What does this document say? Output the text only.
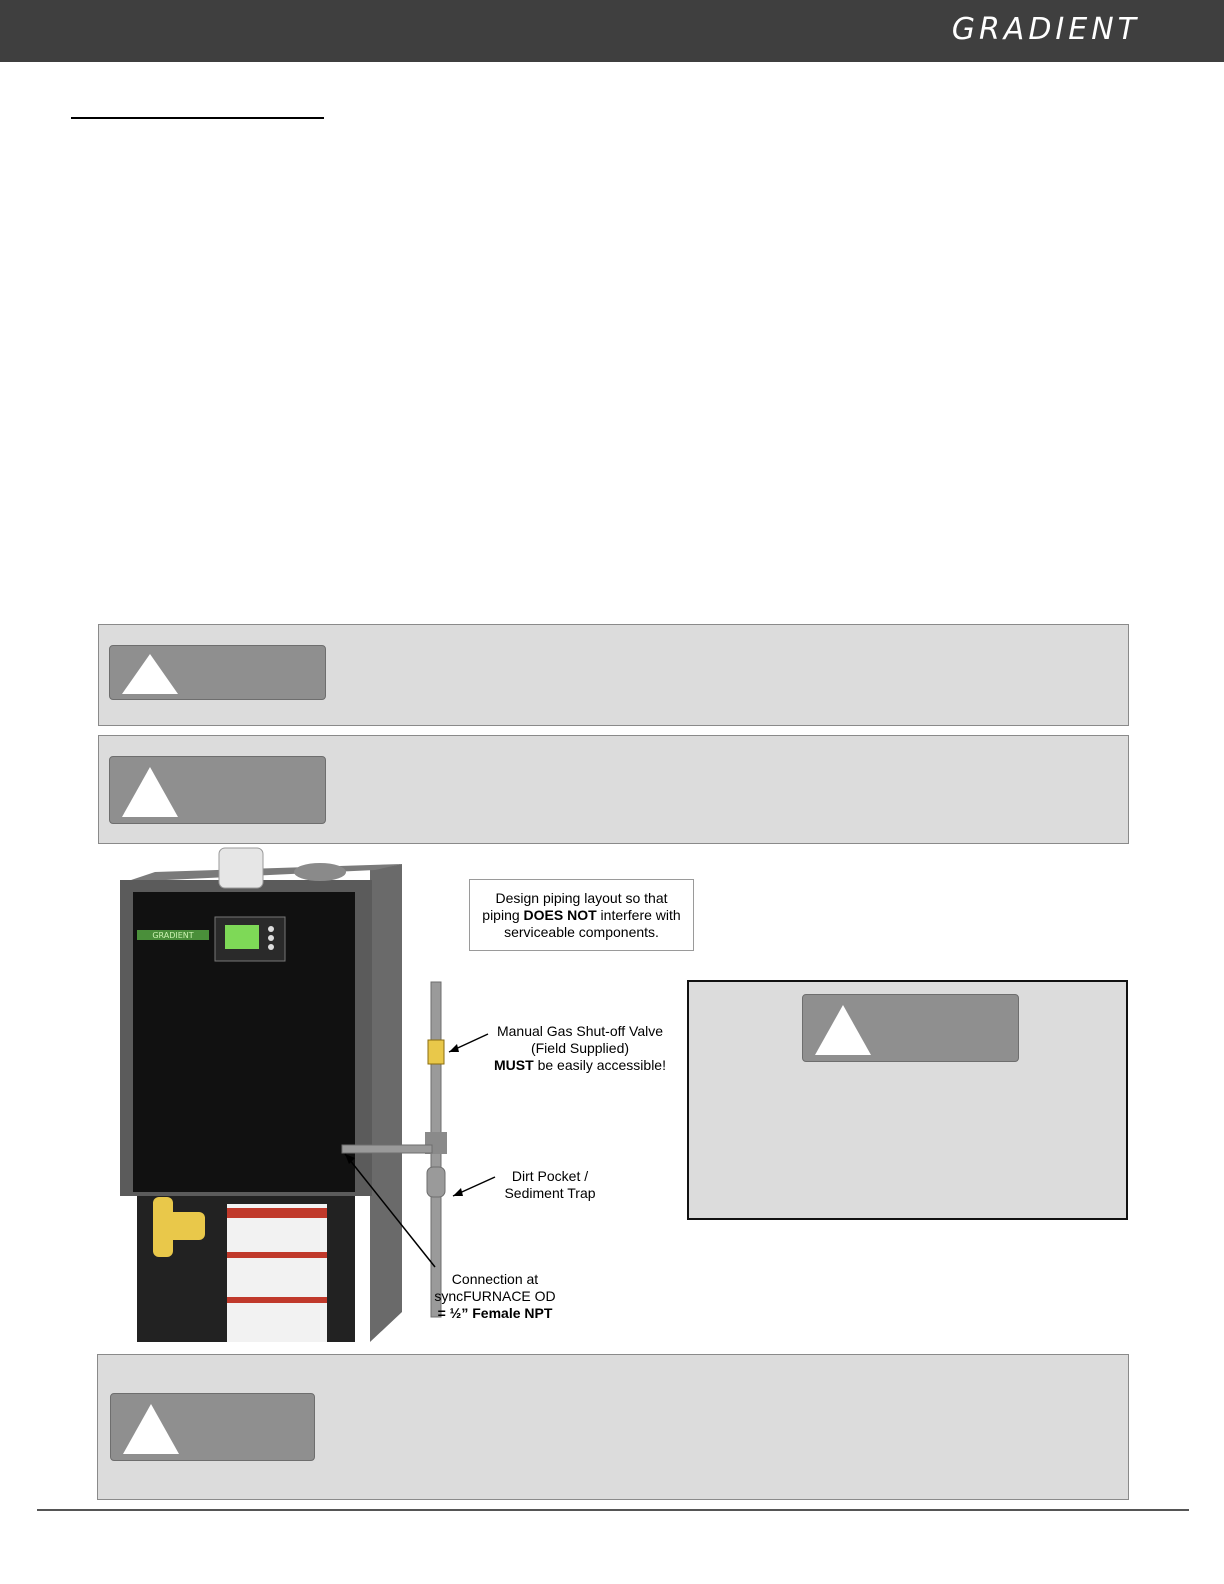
GRADIENT
GRADIENT
Design piping layout so that
piping DOES NOT interfere with
serviceable components.
Manual Gas Shut-off Valve
(Field Supplied)
MUST be easily accessible!
Dirt Pocket /
Sediment Trap
Connection at
syncFURNACE OD
= ½” Female NPT
